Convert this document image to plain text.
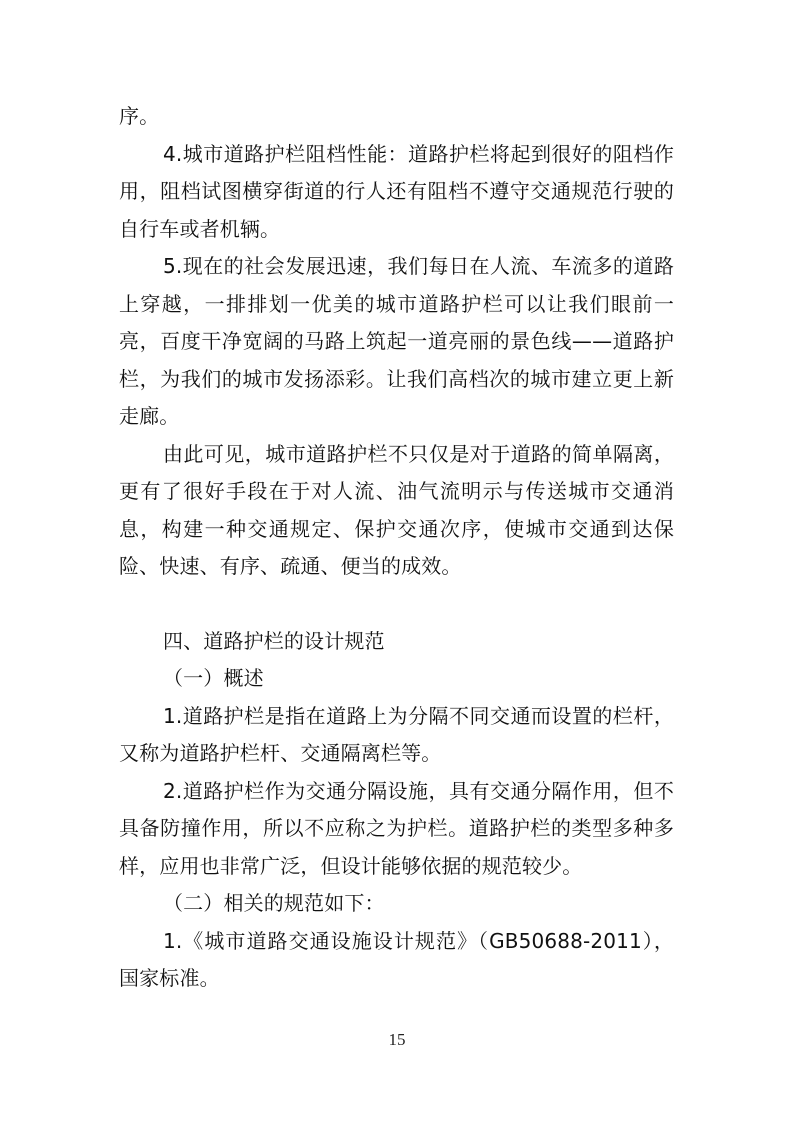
序。

4.城市道路护栏阻档性能：道路护栏将起到很好的阻档作用，阻档试图横穿街道的行人还有阻档不遵守交通规范行驶的自行车或者机辆。

5.现在的社会发展迅速，我们每日在人流、车流多的道路上穿越，一排排划一优美的城市道路护栏可以让我们眼前一亮，百度干净宽阔的马路上筑起一道亮丽的景色线——道路护栏，为我们的城市发扬添彩。让我们高档次的城市建立更上新走廊。

由此可见，城市道路护栏不只仅是对于道路的简单隔离，更有了很好手段在于对人流、油气流明示与传送城市交通消息，构建一种交通规定、保护交通次序，使城市交通到达保险、快速、有序、疏通、便当的成效。

四、道路护栏的设计规范

（一）概述

1.道路护栏是指在道路上为分隔不同交通而设置的栏杆，又称为道路护栏杆、交通隔离栏等。

2.道路护栏作为交通分隔设施，具有交通分隔作用，但不具备防撞作用，所以不应称之为护栏。道路护栏的类型多种多样，应用也非常广泛，但设计能够依据的规范较少。

（二）相关的规范如下：

1.《城市道路交通设施设计规范》（GB50688-2011），国家标准。

15
